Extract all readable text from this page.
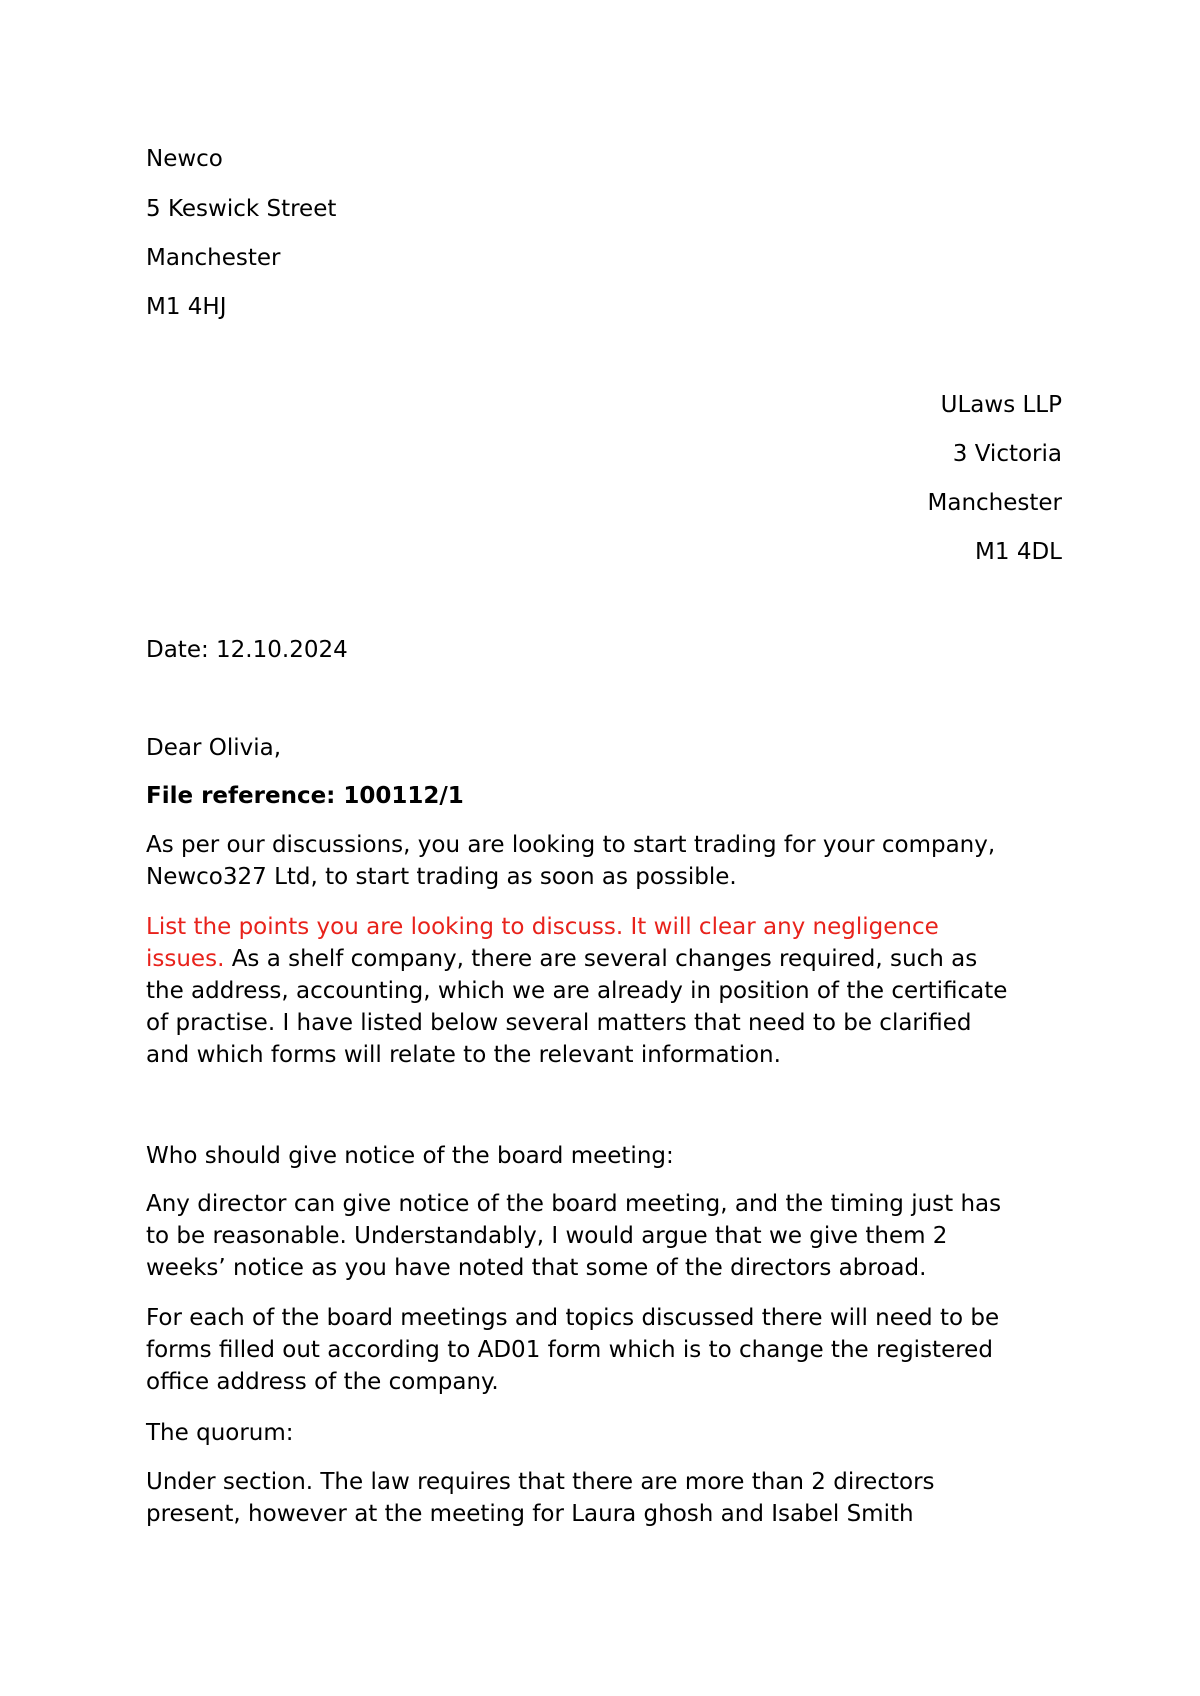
Newco

5 Keswick Street

Manchester

M1 4HJ

ULaws LLP

3 Victoria

Manchester

M1 4DL

Date: 12.10.2024

Dear Olivia,

File reference: 100112/1

As per our discussions, you are looking to start trading for your company,
Newco327 Ltd, to start trading as soon as possible.
List the points you are looking to discuss. It will clear any negligence
issues. As a shelf company, there are several changes required, such as
the address, accounting, which we are already in position of the certificate
of practise. I have listed below several matters that need to be clarified
and which forms will relate to the relevant information.

Who should give notice of the board meeting:

Any director can give notice of the board meeting, and the timing just has
to be reasonable. Understandably, I would argue that we give them 2
weeks’ notice as you have noted that some of the directors abroad.
For each of the board meetings and topics discussed there will need to be
forms filled out according to AD01 form which is to change the registered
office address of the company.

The quorum:

Under section. The law requires that there are more than 2 directors
present, however at the meeting for Laura ghosh and Isabel Smith
